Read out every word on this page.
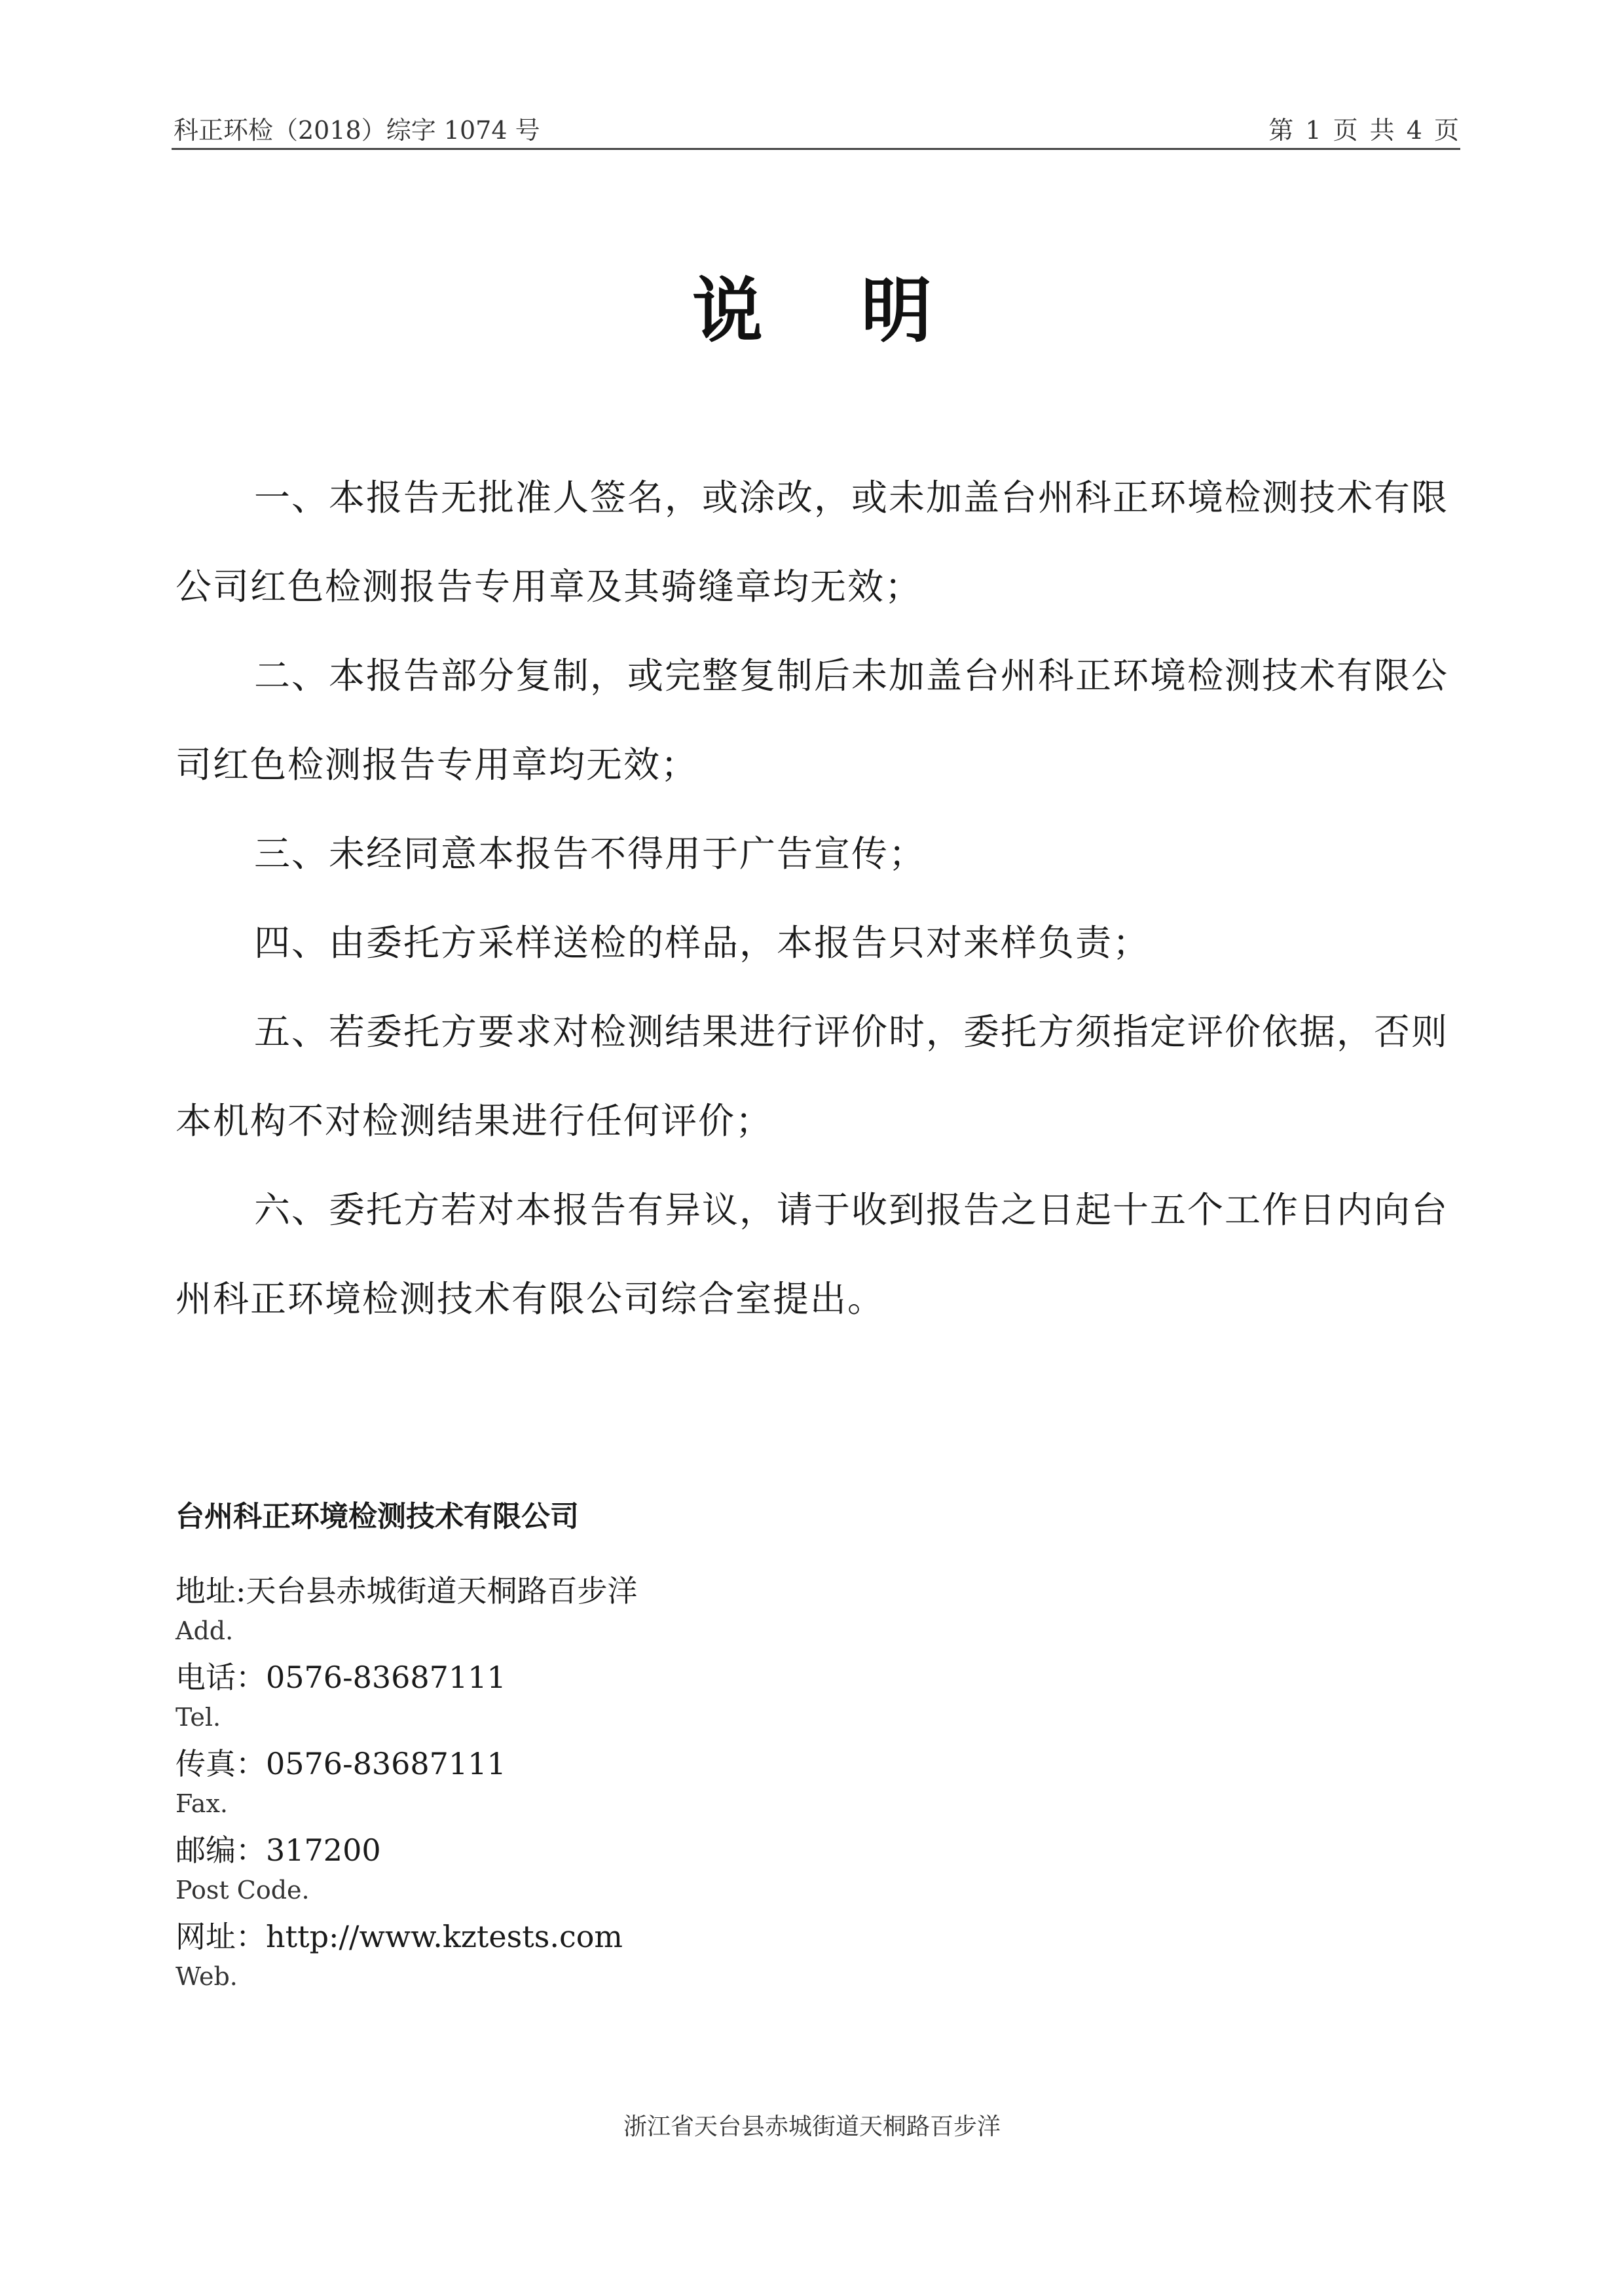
科正环检（2018）综字 1074 号	第 1 页 共 4 页
说明

一、本报告无批准人签名，或涂改，或未加盖台州科正环境检测技术有限公司红色检测报告专用章及其骑缝章均无效；

二、本报告部分复制，或完整复制后未加盖台州科正环境检测技术有限公司红色检测报告专用章均无效；

三、未经同意本报告不得用于广告宣传；

四、由委托方采样送检的样品，本报告只对来样负责；

五、若委托方要求对检测结果进行评价时，委托方须指定评价依据，否则本机构不对检测结果进行任何评价；

六、委托方若对本报告有异议，请于收到报告之日起十五个工作日内向台州科正环境检测技术有限公司综合室提出。

台州科正环境检测技术有限公司
地址:天台县赤城街道天桐路百步洋
Add.
电话：0576-83687111
Tel.
传真：0576-83687111
Fax.
邮编：317200
Post Code.
网址：http://www.kztests.com
Web.
浙江省天台县赤城街道天桐路百步洋
